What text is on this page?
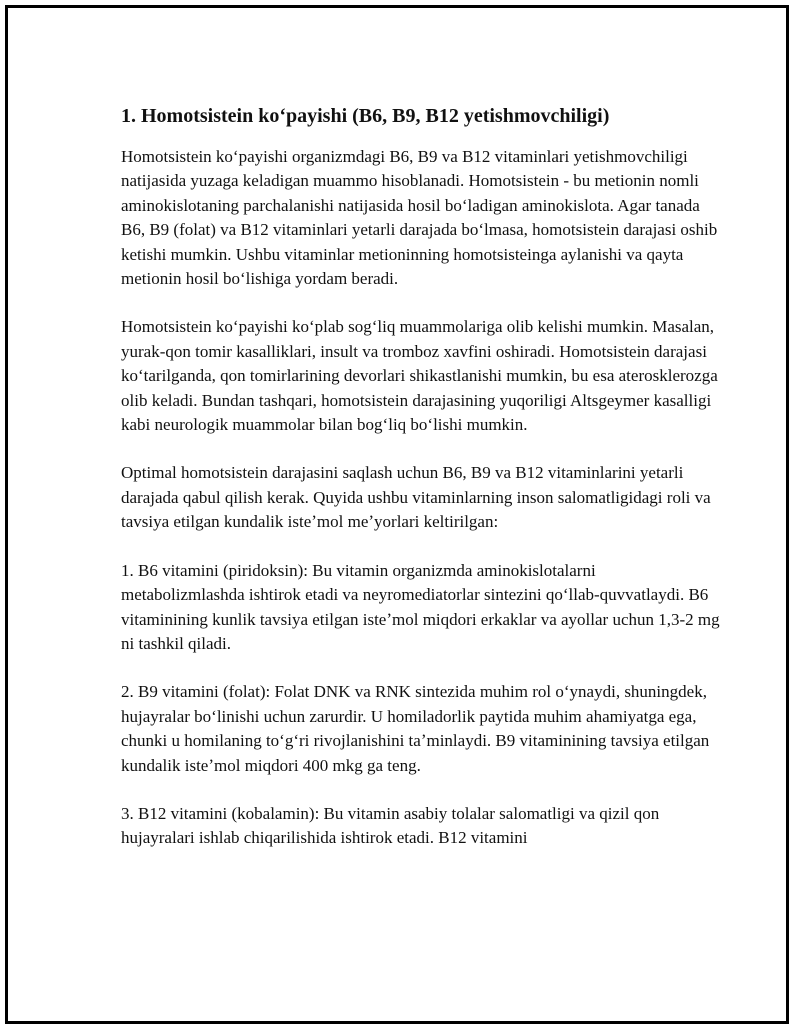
1. Homotsistein koʻpayishi (B6, B9, B12 yetishmovchiligi)

Homotsistein koʻpayishi organizmdagi B6, B9 va B12 vitaminlari yetishmovchiligi natijasida yuzaga keladigan muammo hisoblanadi. Homotsistein - bu metionin nomli aminokislotaning parchalanishi natijasida hosil boʻladigan aminokislota. Agar tanada B6, B9 (folat) va B12 vitaminlari yetarli darajada boʻlmasa, homotsistein darajasi oshib ketishi mumkin. Ushbu vitaminlar metioninning homotsisteinga aylanishi va qayta metionin hosil boʻlishiga yordam beradi.

Homotsistein koʻpayishi koʻplab sogʻliq muammolariga olib kelishi mumkin. Masalan, yurak-qon tomir kasalliklari, insult va tromboz xavfini oshiradi. Homotsistein darajasi koʻtarilganda, qon tomirlarining devorlari shikastlanishi mumkin, bu esa aterosklerozga olib keladi. Bundan tashqari, homotsistein darajasining yuqoriligi Altsgeymer kasalligi kabi neurologik muammolar bilan bogʻliq boʻlishi mumkin.

Optimal homotsistein darajasini saqlash uchun B6, B9 va B12 vitaminlarini yetarli darajada qabul qilish kerak. Quyida ushbu vitaminlarning inson salomatligidagi roli va tavsiya etilgan kundalik isteʼmol meʼyorlari keltirilgan:

1. B6 vitamini (piridoksin): Bu vitamin organizmda aminokislotalarni metabolizmlashda ishtirok etadi va neyromediatorlar sintezini qoʻllab-quvvatlaydi. B6 vitaminining kunlik tavsiya etilgan isteʼmol miqdori erkaklar va ayollar uchun 1,3-2 mg ni tashkil qiladi.

2. B9 vitamini (folat): Folat DNK va RNK sintezida muhim rol oʻynaydi, shuningdek, hujayralar boʻlinishi uchun zarurdir. U homiladorlik paytida muhim ahamiyatga ega, chunki u homilaning toʻgʻri rivojlanishini taʼminlaydi. B9 vitaminining tavsiya etilgan kundalik isteʼmol miqdori 400 mkg ga teng.

3. B12 vitamini (kobalamin): Bu vitamin asabiy tolalar salomatligi va qizil qon hujayralari ishlab chiqarilishida ishtirok etadi. B12 vitamini
